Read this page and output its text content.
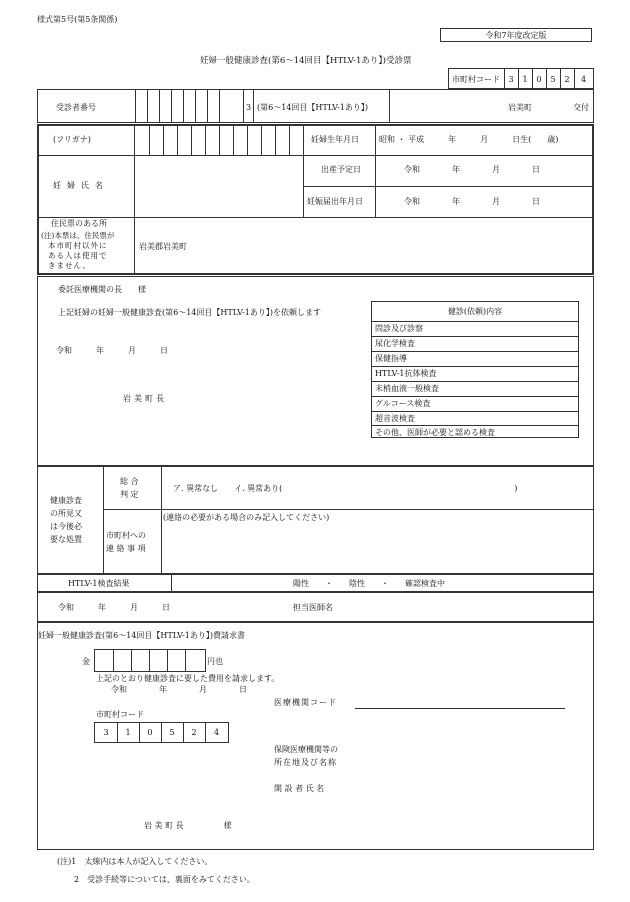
様式第5号(第5条関係)
令和7年度改定版
妊婦一般健康診査(第6～14回目【HTLV-1あり】)受診票
市町村コード	3	1	0	5	2	4
受診者番号	3 (第6～14回目【HTLV-1あり】)	岩美町	交付
(フリガナ)
妊婦氏名
妊婦生年月日	昭和 ・ 平成　　　年　　　月　　　日生(　　歳)
出産予定日	令和　　　　年　　　　月　　　　日
妊娠届出年月日	令和　　　　年　　　　月　　　　日
住民票のある所
(注)本票は、住民票が
本市町村以外に
ある人は使用で
きません。
岩美郡岩美町
委託医療機関の長　　様
上記妊婦の妊婦一般健康診査(第6～14回目【HTLV-1あり】)を依頼します
令和　　　年　　　月　　　日
岩美町長
健診(依頼)内容
問診及び診察
尿化学検査
保健指導
HTLV-1抗体検査
末梢血液一般検査
グルコース検査
超音波検査
その他、医師が必要と認める検査
健康診査
の所見又
は今後必
要な処置
総 合
判 定
ア. 異常なし　　イ. 異常あり(　　　　　　　　　　　　　　　　　　　　　　　　　　　　　)
(連絡の必要がある場合のみ記入してください)
市町村への
連 絡 事 項
HTLV-1検査結果	陽性　　・　　陰性　　・　　確認検査中
令和　　　年　　　月　　　日	担当医師名
妊婦一般健康診査(第6～14回目【HTLV-1あり】)費請求書
金	円也
上記のとおり健康診査に要した費用を請求します。
令和　　　　年　　　　月　　　　日
医療機関コード
市町村コード
3	1	0	5	2	4
保険医療機関等の
所在地及び名称
開 設 者 氏 名
岩 美 町 長　　　　　様
(注)1　太線内は本人が記入してください。
2　受診手続等については、裏面をみてください。
